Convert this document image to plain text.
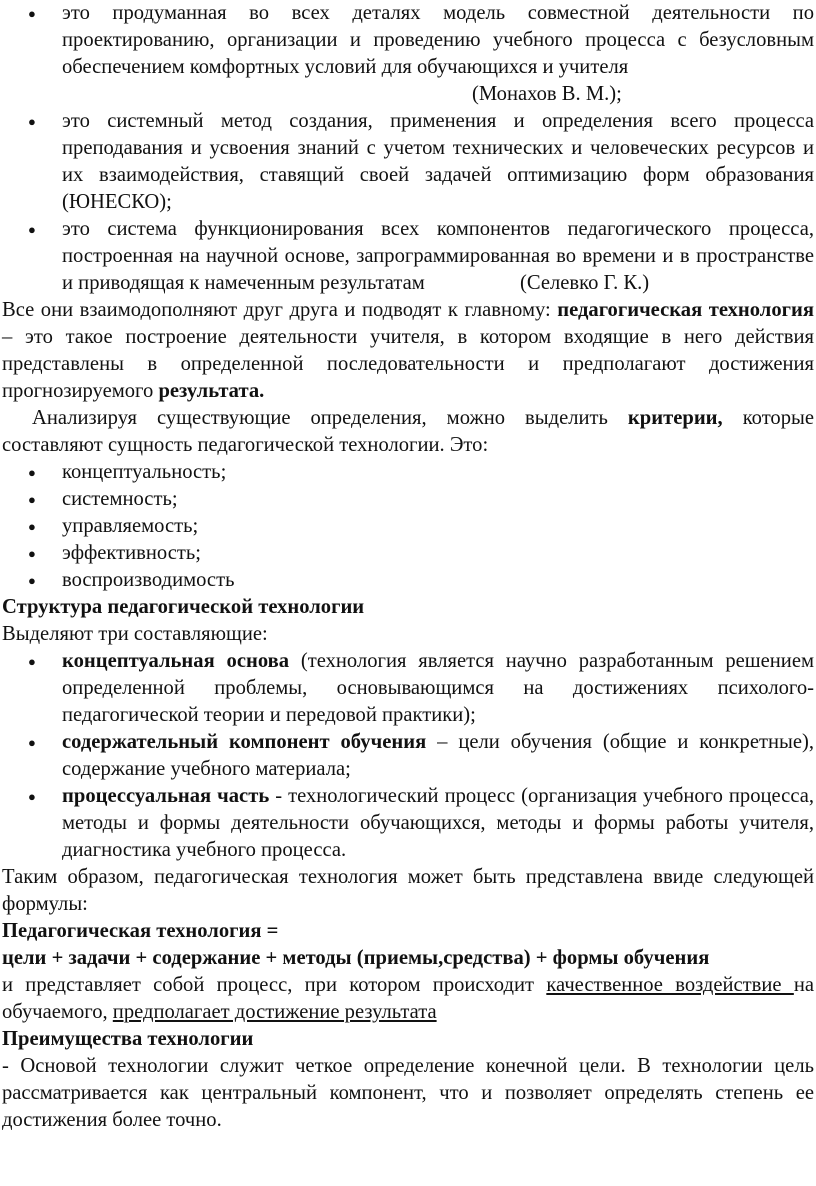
● это продуманная во всех деталях модель совместной деятельности по проектированию, организации и проведению учебного процесса с безусловным обеспечением комфортных условий для обучающихся и учителя
(Монахов В. М.);
● это системный метод создания, применения и определения всего процесса преподавания и усвоения знаний с учетом технических и человеческих ресурсов и их взаимодействия, ставящий своей задачей оптимизацию форм образования (ЮНЕСКО);
● это система функционирования всех компонентов педагогического процесса, построенная на научной основе, запрограммированная во времени и в пространстве и приводящая к намеченным результатам	(Селевко Г. К.)

Все они взаимодополняют друг друга и подводят к главному: педагогическая технология – это такое построение деятельности учителя, в котором входящие в него действия представлены в определенной последовательности и предполагают достижения прогнозируемого результата.

Анализируя существующие определения, можно выделить критерии, которые составляют сущность педагогической технологии. Это:

● концептуальность;
● системность;
● управляемость;
● эффективность;
● воспроизводимость

Структура педагогической технологии

Выделяют три составляющие:

● концептуальная основа (технология является научно разработанным решением определенной проблемы, основывающимся на достижениях психолого-педагогической теории и передовой практики);
● содержательный компонент обучения – цели обучения (общие и конкретные), содержание учебного материала;
● процессуальная часть - технологический процесс (организация учебного процесса, методы и формы деятельности обучающихся, методы и формы работы учителя, диагностика учебного процесса.

Таким образом, педагогическая технология может быть представлена ввиде следующей формулы:

Педагогическая технология =

цели + задачи + содержание + методы (приемы,средства) + формы обучения

и представляет собой процесс, при котором происходит качественное воздействие на обучаемого, предполагает достижение результата

Преимущества технологии

- Основой технологии служит четкое определение конечной цели. В технологии цель рассматривается как центральный компонент, что и позволяет определять степень ее достижения более точно.
